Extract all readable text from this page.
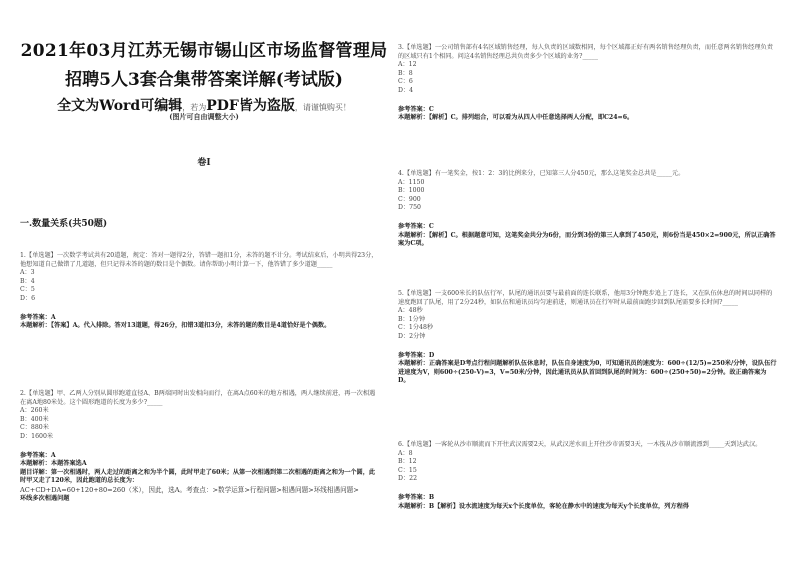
2021年03月江苏无锡市锡山区市场监督管理局
招聘5人3套合集带答案详解(考试版)
全文为Word可编辑，若为PDF皆为盗版，请谨慎购买！
(图片可自由调整大小)
卷I
一.数量关系(共50题)

1.【单选题】一次数学考试共有20道题，规定：答对一题得2分，答错一题扣1分，未答的题不计分。考试结束后，小明共得23分，他想知道自己做错了几道题，但只记得未答的题的数目是个偶数。请你帮助小明计算一下，他答错了多少道题_____

A：3

B：4

C：5

D：6

参考答案：A

本题解析：【答案】A。代入排除。答对13道题，得26分，扣错3道扣3分，未答的题的数目是4道恰好是个偶数。

2.【单选题】甲、乙两人分别从圆形跑道直径A、B两端同时出发相向而行，在离A点60米的地方相遇，两人继续前进，再一次相遇在离A地80米处。这个圆形跑道的长度为多少?_____

A：260米

B：400米

C：880米

D：1600米

参考答案：A

本题解析：本题答案选A

题目详解：第一次相遇时，两人走过的距离之和为半个圆，此时甲走了60米；从第一次相遇到第二次相遇的距离之和为一个圆，此时甲又走了120米，因此跑道的总长度为：

AC+CD+DA=60+120+80=260（米），因此，选A。考查点：>数学运算>行程问题>相遇问题>环线相遇问题>

环线多次相遇问题

3.【单选题】一公司销售部有4名区域销售经理，每人负责的区域数相同，每个区域都正好有两名销售经理负责，而任意两名销售经理负责的区域只有1个相同。问这4名销售经理总共负责多少个区域的业务?_____

A：12

B：8

C：6

D：4

参考答案：C

本题解析：【解析】C。排列组合，可以看为从四人中任意选择两人分配，即C24=6。

4.【单选题】有一笔奖金，按1：2：3的比例来分，已知第三人分450元，那么这笔奖金总共是_____元。

A：1150

B：1000

C：900

D：750

参考答案：C

本题解析：【解析】C。根据题意可知，这笔奖金共分为6份，而分到3份的第三人拿到了450元，则6份当是450×2=900元，所以正确答案为C项。

5.【单选题】一支600米长的队伍行军，队尾的通讯员要与最前面的连长联系，他用3分钟跑步追上了连长，又在队伍休息的时间以同样的速度跑回了队尾，用了2分24秒，如队伍和通讯员均匀速前进，则通讯员在行军时从最前面跑步回到队尾需要多长时间?_____

A：48秒

B：1分钟

C：1分48秒

D：2分钟

参考答案：D

本题解析：正确答案是D考点行程问题解析队伍休息时，队伍自身速度为0，可知通讯员的速度为：600÷(12/5)=250米/分钟，设队伍行进速度为V，则600÷(250-V)=3，V=50米/分钟，因此通讯员从队首回到队尾的时间为：600÷(250+50)=2分钟。故正确答案为D。

6.【单选题】一客轮从沙市顺流而下开往武汉需要2天，从武汉逆水而上开往沙市需要3天，一木筏从沙市顺流漂到_____天到达武汉。

A：8

B：12

C：15

D：22

参考答案：B

本题解析：B【解析】设水流速度为每天x个长度单位，客轮在静水中的速度为每天y个长度单位，列方程得
